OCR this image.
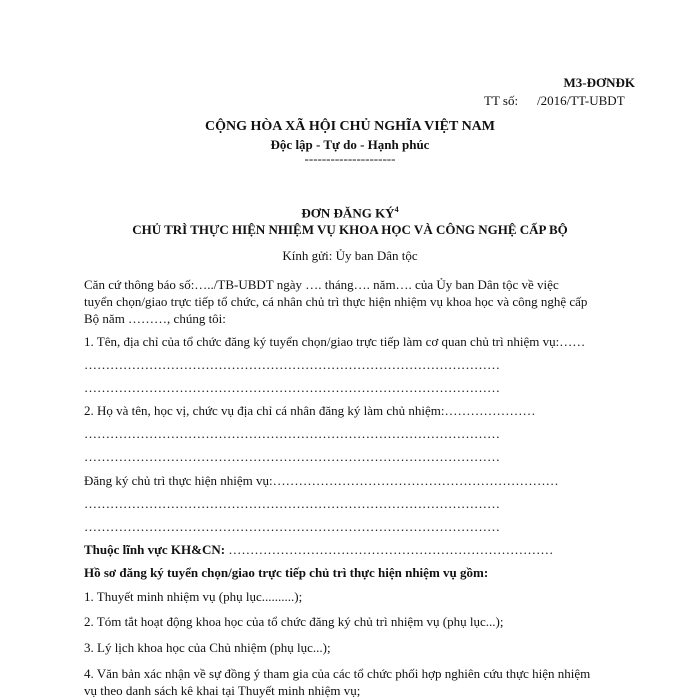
M3-ĐƠNĐK
TT số: /2016/TT-UBDT
CỘNG HÒA XÃ HỘI CHỦ NGHĨA VIỆT NAM
Độc lập - Tự do - Hạnh phúc
---------------------
ĐƠN ĐĂNG $KÝ^4$
CHỦ TRÌ THỰC HIỆN NHIỆM VỤ KHOA HỌC VÀ CÔNG NGHỆ CẤP BỘ
Kính gửi: Ủy ban Dân tộc
Căn cứ thông báo số:…../TB-UBDT ngày …. tháng…. năm…. của Ủy ban Dân tộc về việc
tuyển chọn/giao trực tiếp tổ chức, cá nhân chủ trì thực hiện nhiệm vụ khoa học và công nghệ cấp
Bộ năm ………, chúng tôi:
1. Tên, địa chỉ của tổ chức đăng ký tuyển chọn/giao trực tiếp làm cơ quan chủ trì nhiệm vụ:……
……………………………………………………………………………………
……………………………………………………………………………………
2. Họ và tên, học vị, chức vụ địa chỉ cá nhân đăng ký làm chủ nhiệm:…………………
……………………………………………………………………………………
……………………………………………………………………………………
Đăng ký chủ trì thực hiện nhiệm vụ:…………………………………………………………
……………………………………………………………………………………
……………………………………………………………………………………
Thuộc lĩnh vực KH&CN: …………………………………………………………………
Hồ sơ đăng ký tuyển chọn/giao trực tiếp chủ trì thực hiện nhiệm vụ gồm:
1. Thuyết minh nhiệm vụ (phụ lục..........);
2. Tóm tắt hoạt động khoa học của tổ chức đăng ký chủ trì nhiệm vụ (phụ lục...);
3. Lý lịch khoa học của Chủ nhiệm (phụ lục...);
4. Văn bản xác nhận về sự đồng ý tham gia của các tổ chức phối hợp nghiên cứu thực hiện nhiệm
vụ theo danh sách kê khai tại Thuyết minh nhiệm vụ;
